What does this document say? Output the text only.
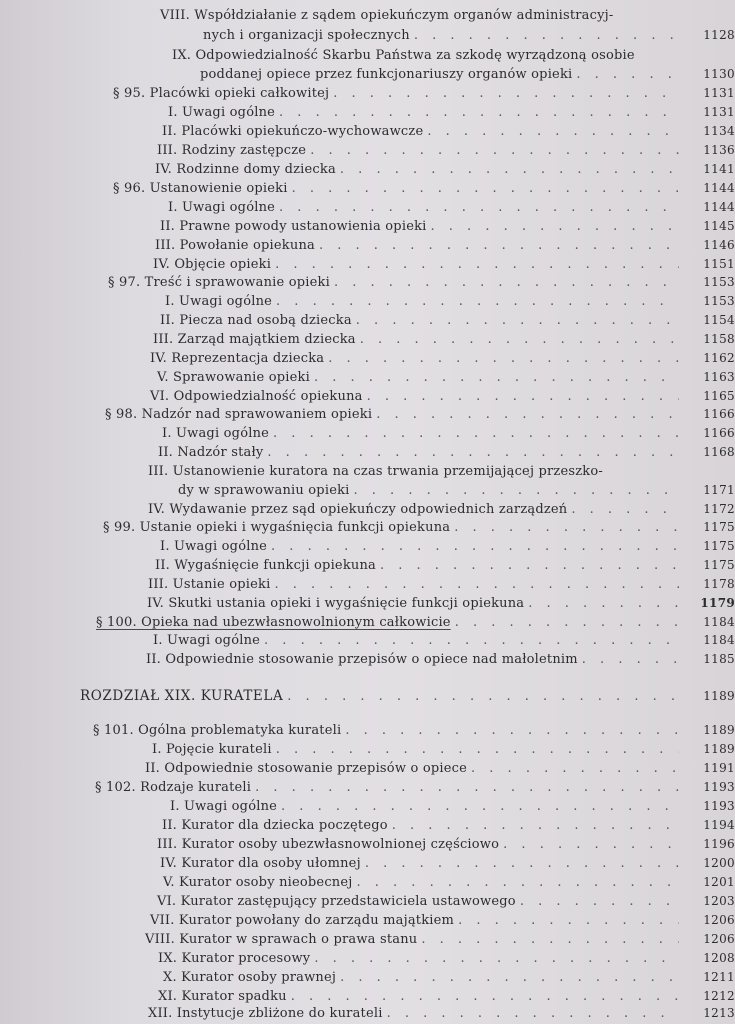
VIII. Współdziałanie z sądem opiekuńczym organów administracyj-
nych i organizacji społecznych . . .	1128
IX. Odpowiedzialność Skarbu Państwa za szkodę wyrządzoną osobie
poddanej opiece przez funkcjonariuszy organów opieki . . .	1130
§ 95. Placówki opieki całkowitej . . .	1131
I. Uwagi ogólne . . .	1131
II. Placówki opiekuńczo-wychowawcze . . .	1134
III. Rodziny zastępcze . . .	1136
IV. Rodzinne domy dziecka . . .	1141
§ 96. Ustanowienie opieki . . .	1144
I. Uwagi ogólne . . .	1144
II. Prawne powody ustanowienia opieki . . .	1145
III. Powołanie opiekuna . . .	1146
IV. Objęcie opieki . . .	1151
§ 97. Treść i sprawowanie opieki . . .	1153
I. Uwagi ogólne . . .	1153
II. Piecza nad osobą dziecka . . .	1154
III. Zarząd majątkiem dziecka . . .	1158
IV. Reprezentacja dziecka . . .	1162
V. Sprawowanie opieki . . .	1163
VI. Odpowiedzialność opiekuna . . .	1165
§ 98. Nadzór nad sprawowaniem opieki . . .	1166
I. Uwagi ogólne . . .	1166
II. Nadzór stały . . .	1168
III. Ustanowienie kuratora na czas trwania przemijającej przeszko-
dy w sprawowaniu opieki . . .	1171
IV. Wydawanie przez sąd opiekuńczy odpowiednich zarządzeń . . .	1172
§ 99. Ustanie opieki i wygaśnięcia funkcji opiekuna . . .	1175
I. Uwagi ogólne . . .	1175
II. Wygaśnięcie funkcji opiekuna . . .	1175
III. Ustanie opieki . . .	1178
IV. Skutki ustania opieki i wygaśnięcie funkcji opiekuna . . .	1179
§ 100. Opieka nad ubezwłasnowolnionym całkowicie . . .	1184
I. Uwagi ogólne . . .	1184
II. Odpowiednie stosowanie przepisów o opiece nad małoletnim . . .	1185
ROZDZIAŁ XIX. KURATELA . . .	1189
§ 101. Ogólna problematyka kurateli . . .	1189
I. Pojęcie kurateli . . .	1189
II. Odpowiednie stosowanie przepisów o opiece . . .	1191
§ 102. Rodzaje kurateli . . .	1193
I. Uwagi ogólne . . .	1193
II. Kurator dla dziecka poczętego . . .	1194
III. Kurator osoby ubezwłasnowolnionej częściowo . . .	1196
IV. Kurator dla osoby ułomnej . . .	1200
V. Kurator osoby nieobecnej . . .	1201
VI. Kurator zastępujący przedstawiciela ustawowego . . .	1203
VII. Kurator powołany do zarządu majątkiem . . .	1206
VIII. Kurator w sprawach o prawa stanu . . .	1206
IX. Kurator procesowy . . .	1208
X. Kurator osoby prawnej . . .	1211
XI. Kurator spadku . . .	1212
XII. Instytucje zbliżone do kurateli . . .	1213
